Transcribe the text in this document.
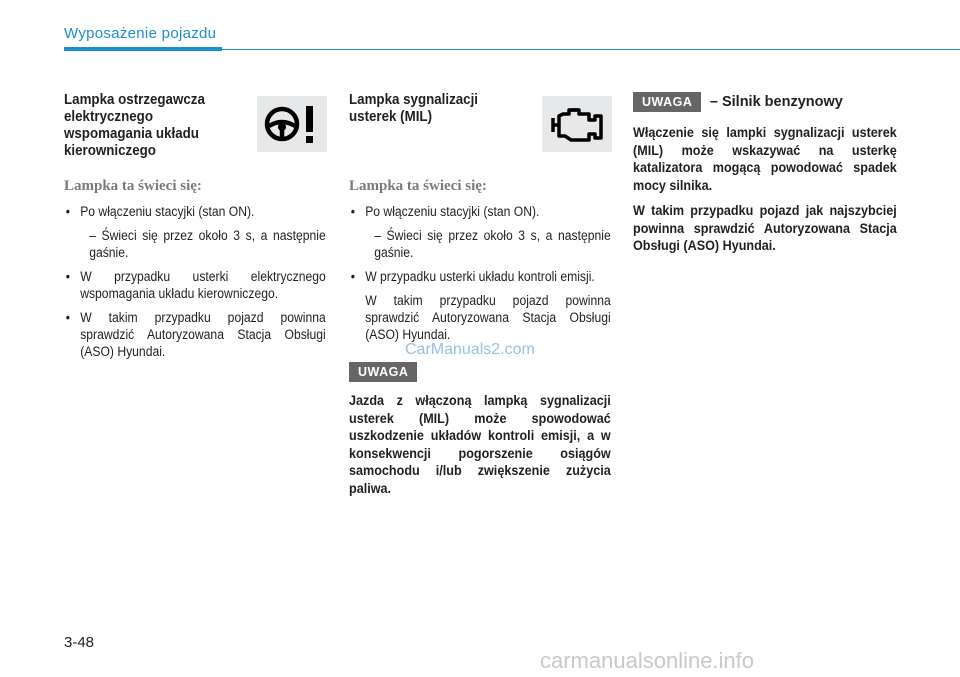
Wyposażenie pojazdu
Lampka ostrzegawcza elektrycznego wspomagania układu kierowniczego
Lampka ta świeci się:
• Po włączeniu stacyjki (stan ON).
– Świeci się przez około 3 s, a następnie gaśnie.
• W przypadku usterki elektrycznego wspomagania układu kierowniczego.
• W takim przypadku pojazd powinna sprawdzić Autoryzowana Stacja Obsługi (ASO) Hyundai.
Lampka sygnalizacji usterek (MIL)
Lampka ta świeci się:
• Po włączeniu stacyjki (stan ON).
– Świeci się przez około 3 s, a następnie gaśnie.
• W przypadku usterki układu kontroli emisji.
W takim przypadku pojazd powinna sprawdzić Autoryzowana Stacja Obsługi (ASO) Hyundai.
UWAGA
Jazda z włączoną lampką sygnalizacji usterek (MIL) może spowodować uszkodzenie układów kontroli emisji, a w konsekwencji pogorszenie osiągów samochodu i/lub zwiększenie zużycia paliwa.
UWAGA – Silnik benzynowy
Włączenie się lampki sygnalizacji usterek (MIL) może wskazywać na usterkę katalizatora mogącą powodować spadek mocy silnika.
W takim przypadku pojazd jak najszybciej powinna sprawdzić Autoryzowana Stacja Obsługi (ASO) Hyundai.
CarManuals2.com
3-48
carmanualsonline.info
